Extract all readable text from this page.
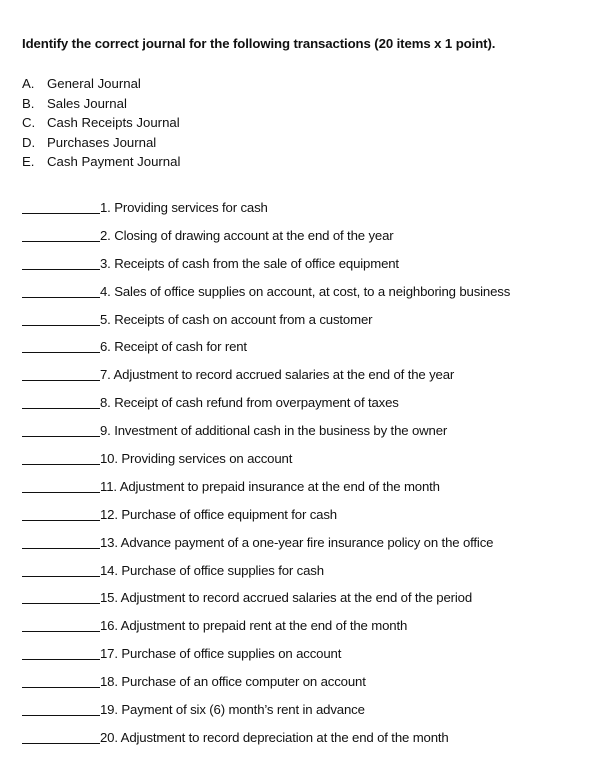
Identify the correct journal for the following transactions (20 items x 1 point).
A. General Journal
B. Sales Journal
C. Cash Receipts Journal
D. Purchases Journal
E. Cash Payment Journal
1. Providing services for cash
2. Closing of drawing account at the end of the year
3. Receipts of cash from the sale of office equipment
4. Sales of office supplies on account, at cost, to a neighboring business
5. Receipts of cash on account from a customer
6. Receipt of cash for rent
7. Adjustment to record accrued salaries at the end of the year
8. Receipt of cash refund from overpayment of taxes
9. Investment of additional cash in the business by the owner
10. Providing services on account
11. Adjustment to prepaid insurance at the end of the month
12. Purchase of office equipment for cash
13. Advance payment of a one-year fire insurance policy on the office
14. Purchase of office supplies for cash
15. Adjustment to record accrued salaries at the end of the period
16. Adjustment to prepaid rent at the end of the month
17. Purchase of office supplies on account
18. Purchase of an office computer on account
19. Payment of six (6) month’s rent in advance
20. Adjustment to record depreciation at the end of the month
